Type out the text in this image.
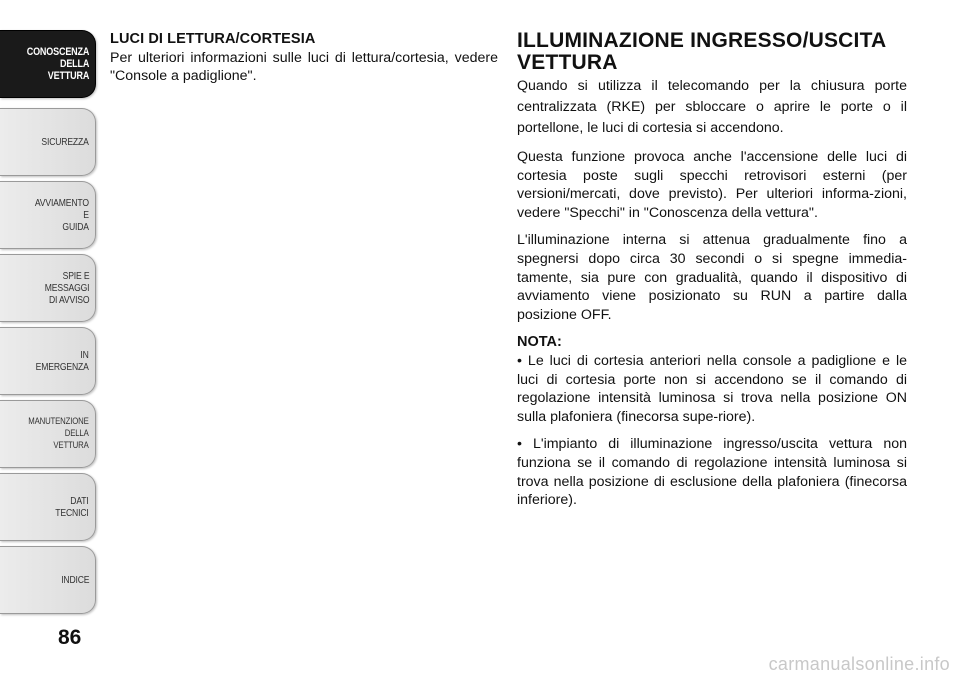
CONOSCENZA
DELLA
VETTURA
SICUREZZA
AVVIAMENTO
E
GUIDA
SPIE E
MESSAGGI
DI AVVISO
IN
EMERGENZA
MANUTENZIONE
DELLA
VETTURA
DATI
TECNICI
INDICE
86
LUCI DI LETTURA/CORTESIA

Per ulteriori informazioni sulle luci di lettura/cortesia, vedere "Console a padiglione".

ILLUMINAZIONE INGRESSO/USCITA VETTURA

Quando si utilizza il telecomando per la chiusura porte centralizzata (RKE) per sbloccare o aprire le porte o il portellone, le luci di cortesia si accendono.

Questa funzione provoca anche l'accensione delle luci di cortesia poste sugli specchi retrovisori esterni (per versioni/mercati, dove previsto). Per ulteriori informa-zioni, vedere "Specchi" in "Conoscenza della vettura".

L'illuminazione interna si attenua gradualmente fino a spegnersi dopo circa 30 secondi o si spegne immedia-tamente, sia pure con gradualità, quando il dispositivo di avviamento viene posizionato su RUN a partire dalla posizione OFF.

NOTA:

• Le luci di cortesia anteriori nella console a padiglione e le luci di cortesia porte non si accendono se il comando di regolazione intensità luminosa si trova nella posizione ON sulla plafoniera (finecorsa supe-riore).

• L'impianto di illuminazione ingresso/uscita vettura non funziona se il comando di regolazione intensità luminosa si trova nella posizione di esclusione della plafoniera (finecorsa inferiore).

carmanualsonline.info
